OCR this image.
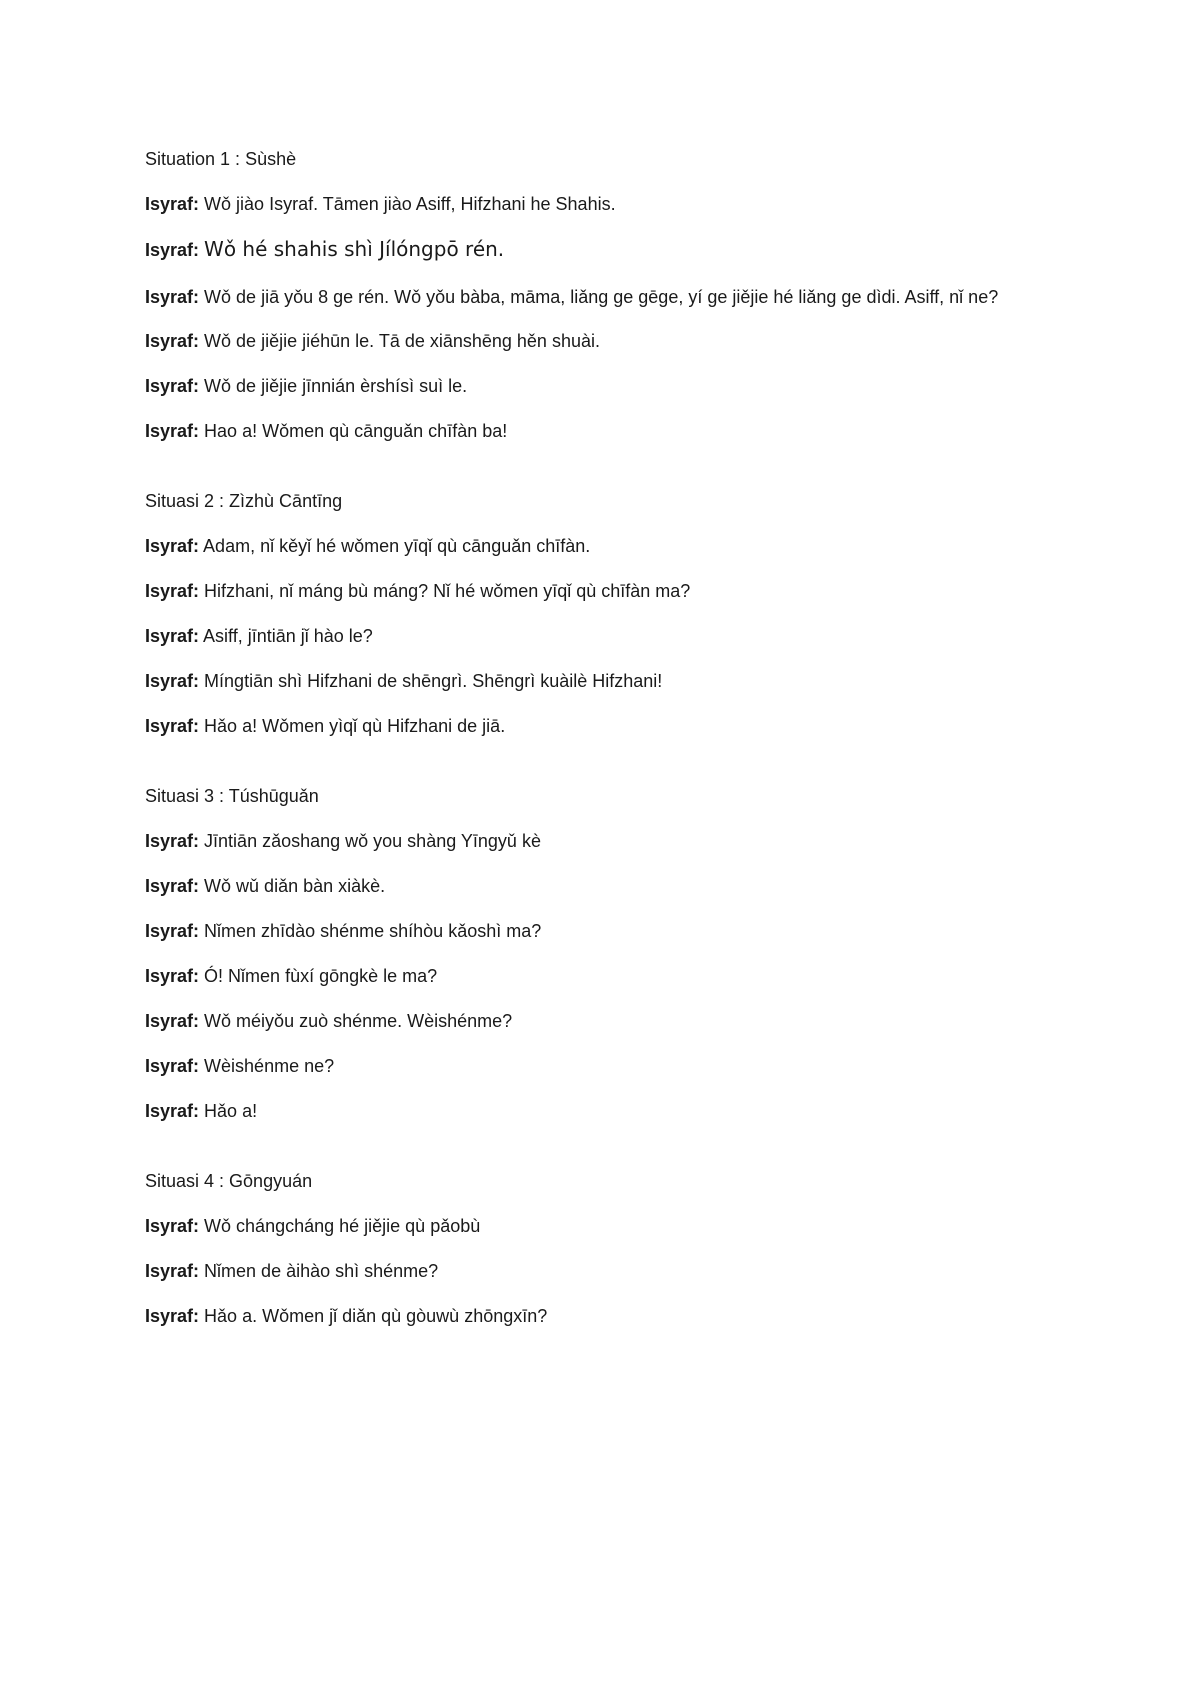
Situation 1 : Sùshè

Isyraf: Wǒ jiào Isyraf. Tāmen jiào Asiff, Hifzhani he Shahis.

Isyraf: Wǒ hé shahis shì Jílóngpō rén.

Isyraf: Wǒ de jiā yǒu 8 ge rén. Wǒ yǒu bàba, māma, liǎng ge gēge, yí ge jiějie hé liǎng ge dìdi. Asiff, nǐ ne?

Isyraf: Wǒ de jiějie jiéhūn le. Tā de xiānshēng hěn shuài.

Isyraf: Wǒ de jiějie jīnnián èrshísì suì le.

Isyraf: Hao a! Wǒmen qù cānguǎn chīfàn ba!

Situasi 2 : Zìzhù Cāntīng

Isyraf: Adam, nǐ kěyǐ hé wǒmen yīqǐ qù cānguǎn chīfàn.

Isyraf: Hifzhani, nǐ máng bù máng? Nǐ hé wǒmen yīqǐ qù chīfàn ma?

Isyraf: Asiff, jīntiān jǐ hào le?

Isyraf: Míngtiān shì Hifzhani de shēngrì. Shēngrì kuàilè Hifzhani!

Isyraf: Hǎo a! Wǒmen yìqǐ qù Hifzhani de jiā.

Situasi 3 : Túshūguǎn

Isyraf: Jīntiān zǎoshang wǒ you shàng Yīngyǔ kè

Isyraf: Wǒ wǔ diǎn bàn xiàkè.

Isyraf: Nǐmen zhīdào shénme shíhòu kǎoshì ma?

Isyraf: Ó! Nǐmen fùxí gōngkè le ma?

Isyraf: Wǒ méiyǒu zuò shénme. Wèishénme?

Isyraf: Wèishénme ne?

Isyraf: Hǎo a!

Situasi 4 : Gōngyuán

Isyraf: Wǒ chángcháng hé jiějie qù pǎobù

Isyraf: Nǐmen de àihào shì shénme?

Isyraf: Hǎo a. Wǒmen jǐ diǎn qù gòuwù zhōngxīn?
